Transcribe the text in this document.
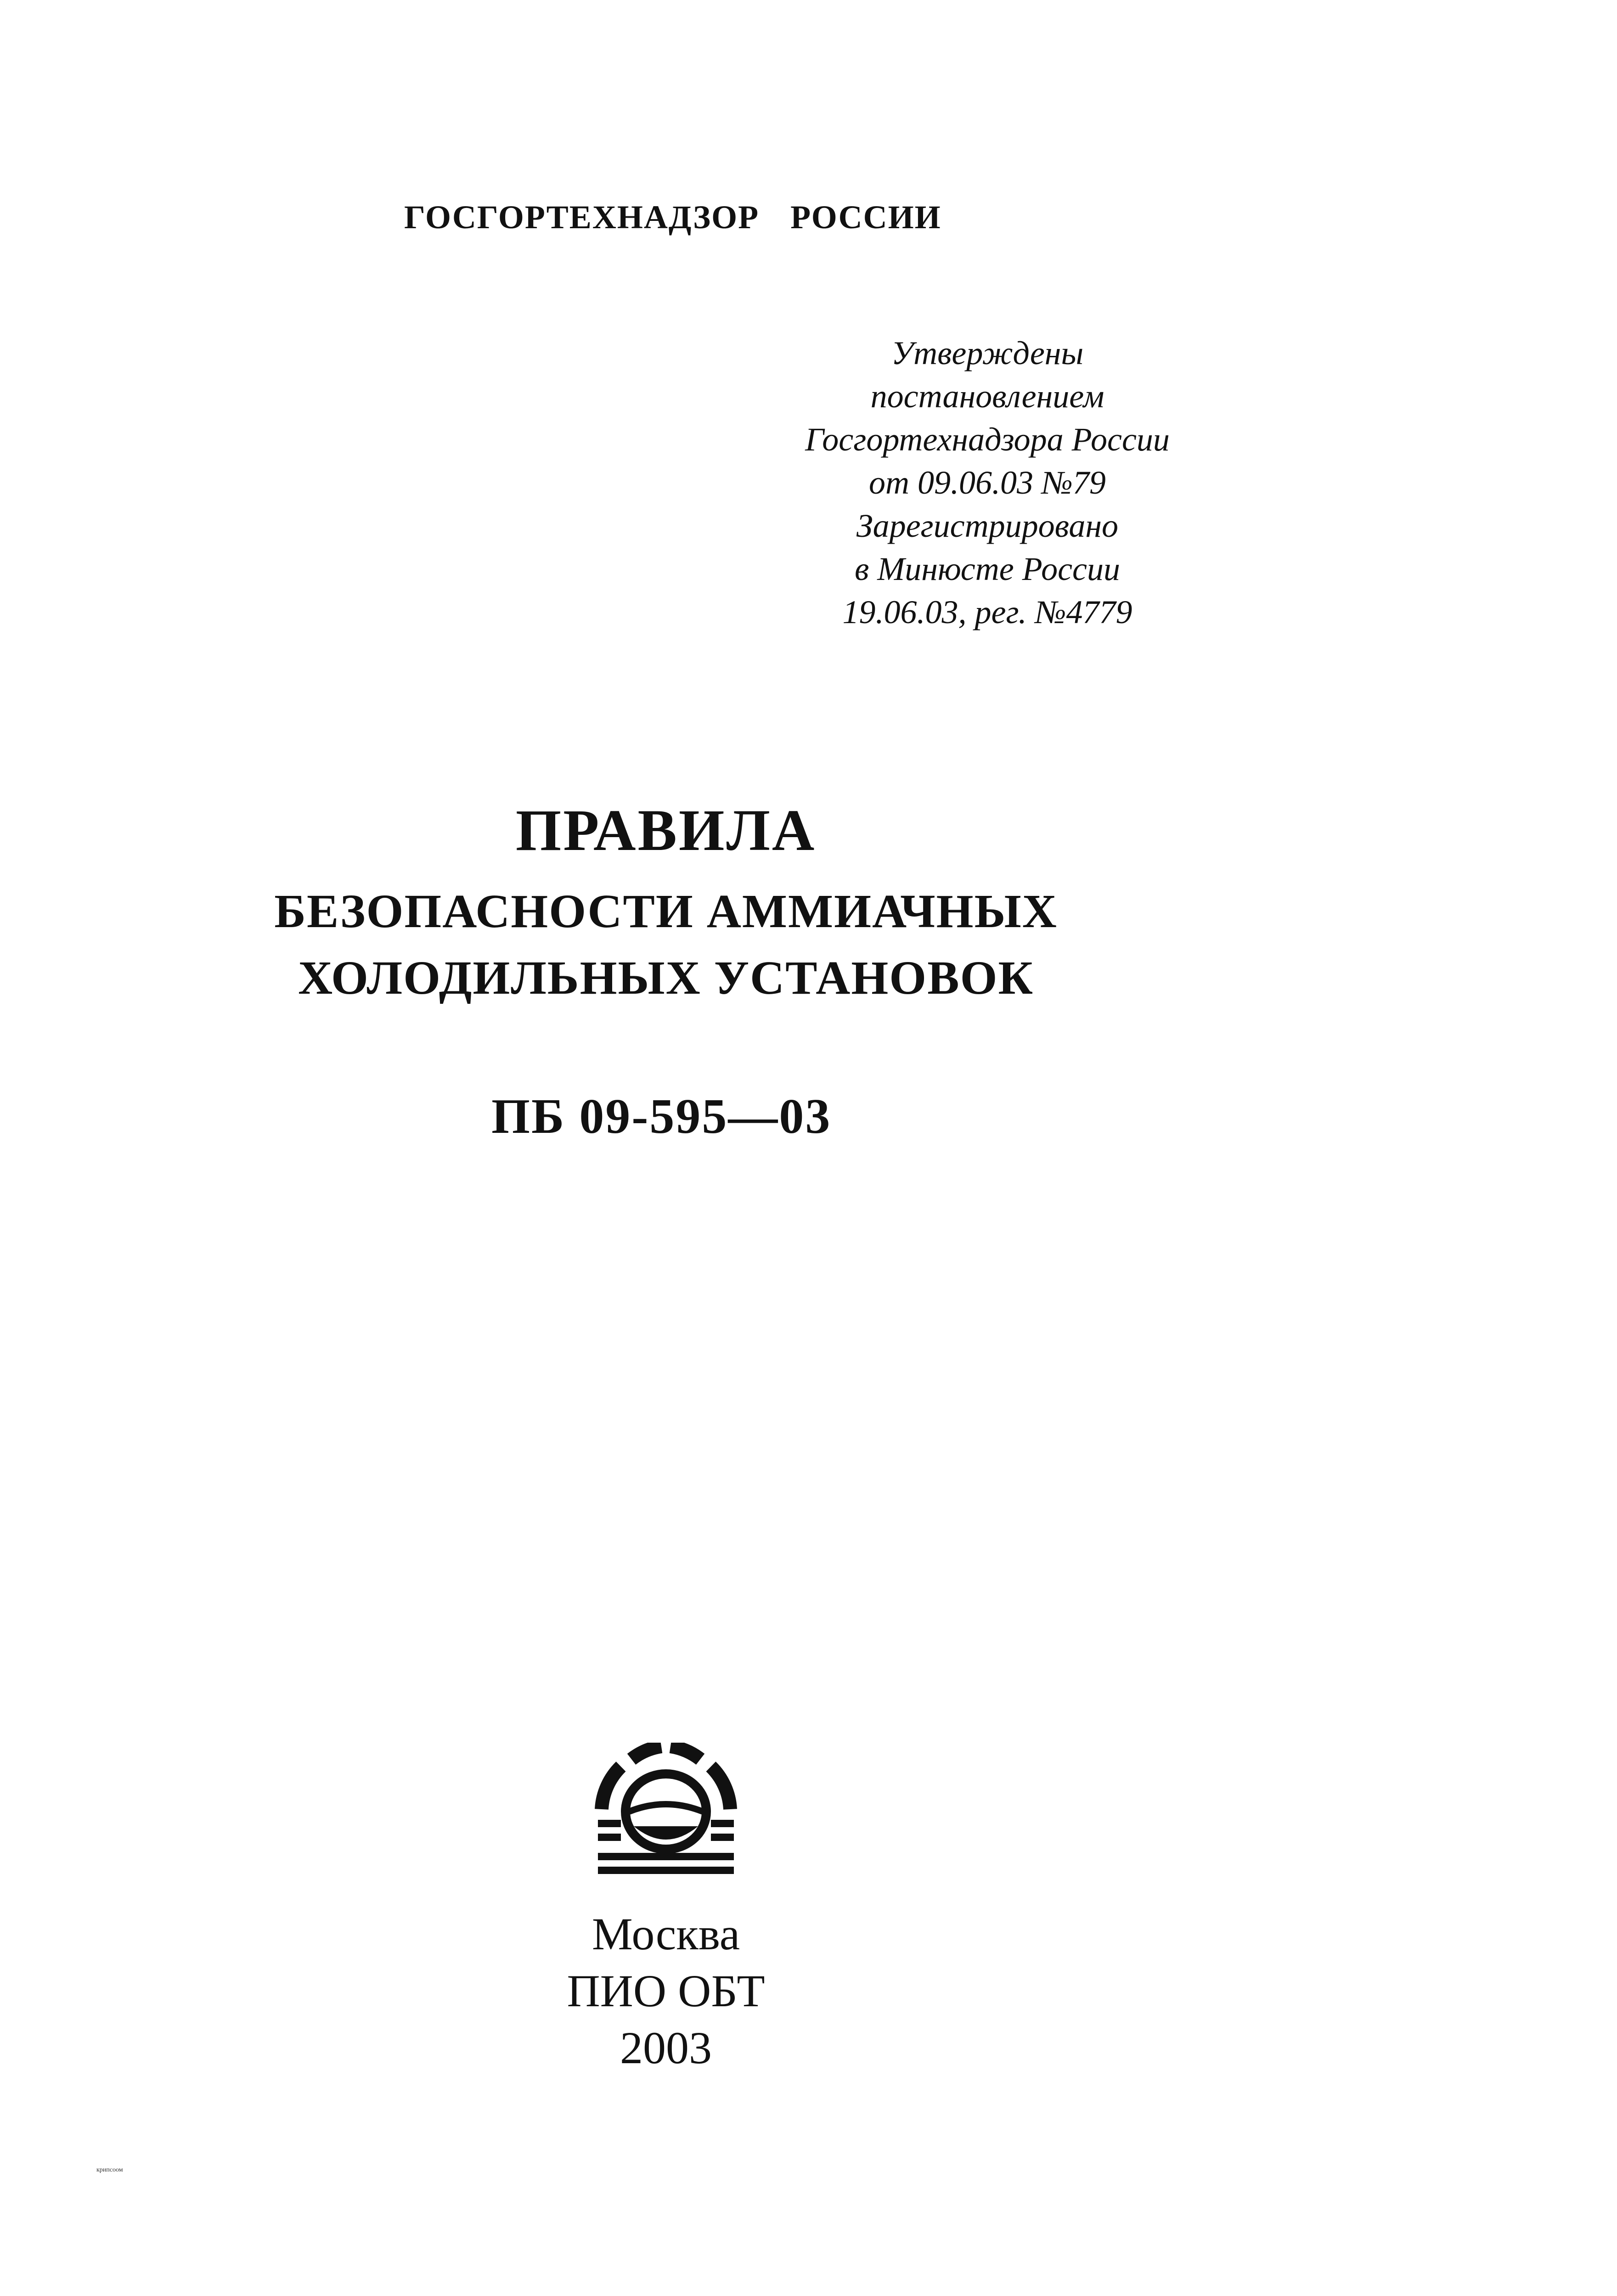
ГОСГОРТЕХНАДЗОР РОССИИ
Утверждены
постановлением
Госгортехнадзора России
от 09.06.03 №79
Зарегистрировано
в Минюсте России
19.06.03, рег. №4779
ПРАВИЛА
БЕЗОПАСНОСТИ АММИАЧНЫХ
ХОЛОДИЛЬНЫХ УСТАНОВОК
ПБ 09-595—03
Москва
ПИО ОБТ
2003
крипсоом
